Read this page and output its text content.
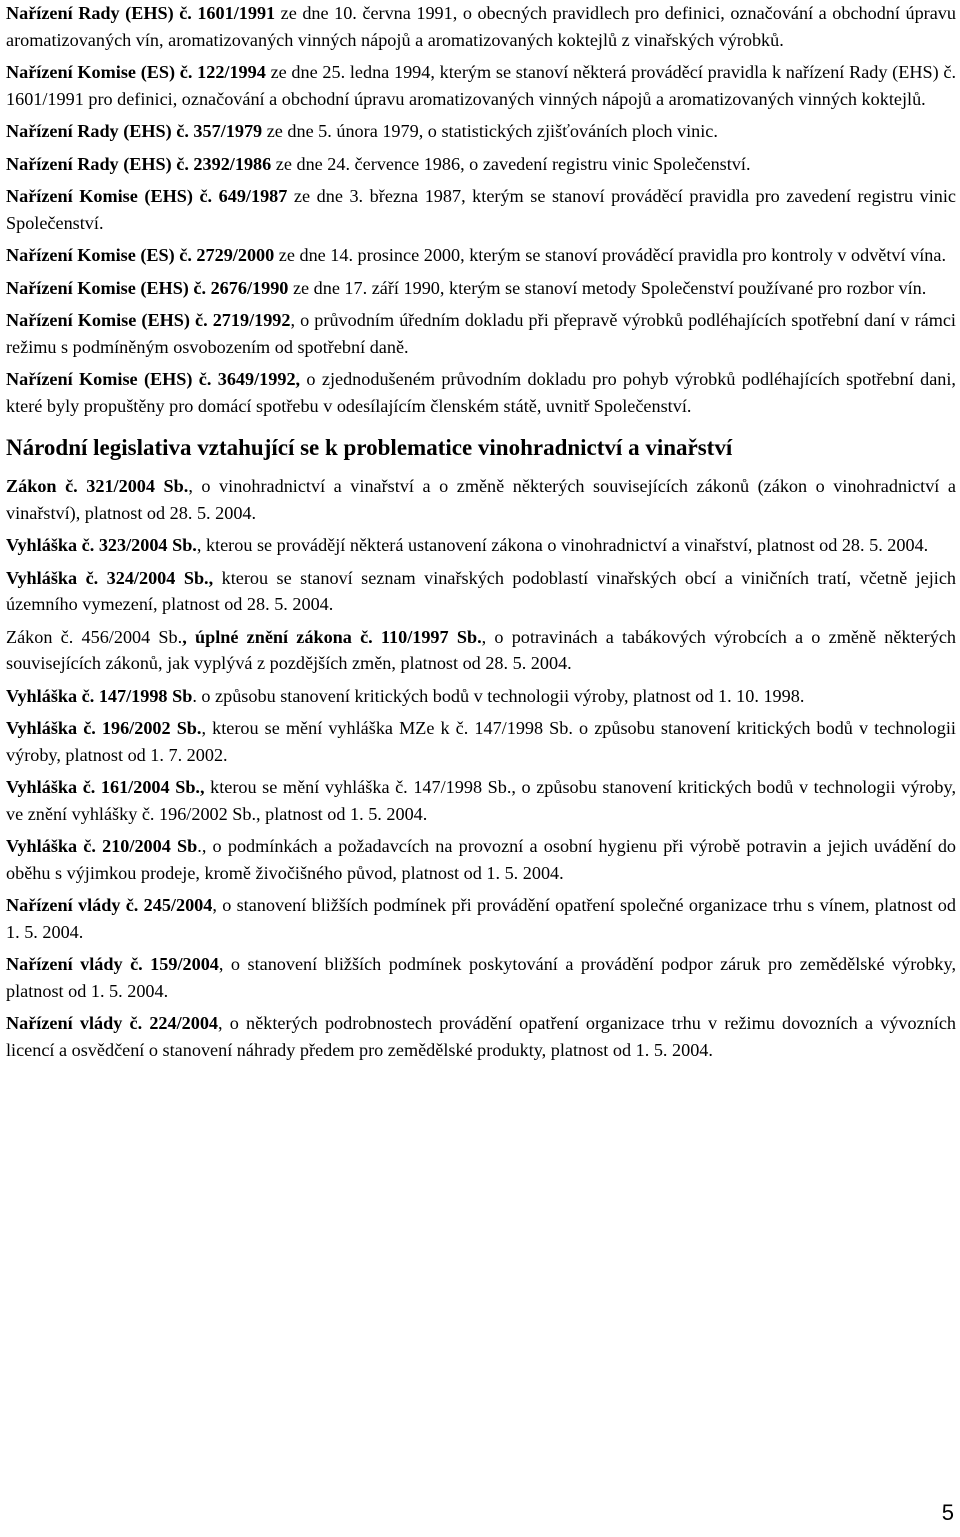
Nařízení Rady (EHS) č. 1601/1991 ze dne 10. června 1991, o obecných pravidlech pro definici, označování a obchodní úpravu aromatizovaných vín, aromatizovaných vinných nápojů a aromatizovaných koktejlů z vinařských výrobků.

Nařízení Komise (ES) č. 122/1994 ze dne 25. ledna 1994, kterým se stanoví některá prováděcí pravidla k nařízení Rady (EHS) č. 1601/1991 pro definici, označování a obchodní úpravu aromatizovaných vinných nápojů a aromatizovaných vinných koktejlů.

Nařízení Rady (EHS) č. 357/1979 ze dne 5. února 1979, o statistických zjišťováních ploch vinic.

Nařízení Rady (EHS) č. 2392/1986 ze dne 24. července 1986, o zavedení registru vinic Společenství.

Nařízení Komise (EHS) č. 649/1987 ze dne 3. března 1987, kterým se stanoví prováděcí pravidla pro zavedení registru vinic Společenství.

Nařízení Komise (ES) č. 2729/2000 ze dne 14. prosince 2000, kterým se stanoví prováděcí pravidla pro kontroly v odvětví vína.

Nařízení Komise (EHS) č. 2676/1990 ze dne 17. září 1990, kterým se stanoví metody Společenství používané pro rozbor vín.

Nařízení Komise (EHS) č. 2719/1992, o průvodním úředním dokladu při přepravě výrobků podléhajících spotřební daní v rámci režimu s podmíněným osvobozením od spotřební daně.

Nařízení Komise (EHS) č. 3649/1992, o zjednodušeném průvodním dokladu pro pohyb výrobků podléhajících spotřební dani, které byly propuštěny pro domácí spotřebu v odesílajícím členském státě, uvnitř Společenství.

Národní legislativa vztahující se k problematice vinohradnictví a vinařství

Zákon č. 321/2004 Sb., o vinohradnictví a vinařství a o změně některých souvisejících zákonů (zákon o vinohradnictví a vinařství), platnost od 28. 5. 2004.

Vyhláška č. 323/2004 Sb., kterou se provádějí některá ustanovení zákona o vinohradnictví a vinařství, platnost od 28. 5. 2004.

Vyhláška č. 324/2004 Sb., kterou se stanoví seznam vinařských podoblastí vinařských obcí a viničních tratí, včetně jejich územního vymezení, platnost od 28. 5. 2004.

Zákon č. 456/2004 Sb., úplné znění zákona č. 110/1997 Sb., o potravinách a tabákových výrobcích a o změně některých souvisejících zákonů, jak vyplývá z pozdějších změn, platnost od 28. 5. 2004.

Vyhláška č. 147/1998 Sb. o způsobu stanovení kritických bodů v technologii výroby, platnost od 1. 10. 1998.

Vyhláška č. 196/2002 Sb., kterou se mění vyhláška MZe k č. 147/1998 Sb. o způsobu stanovení kritických bodů v technologii výroby, platnost od 1. 7. 2002.

Vyhláška č. 161/2004 Sb., kterou se mění vyhláška č. 147/1998 Sb., o způsobu stanovení kritických bodů v technologii výroby, ve znění vyhlášky č. 196/2002 Sb., platnost od 1. 5. 2004.

Vyhláška č. 210/2004 Sb., o podmínkách a požadavcích na provozní a osobní hygienu při výrobě potravin a jejich uvádění do oběhu s výjimkou prodeje, kromě živočišného původ, platnost od 1. 5. 2004.

Nařízení vlády č. 245/2004, o stanovení bližších podmínek při provádění opatření společné organizace trhu s vínem, platnost od 1. 5. 2004.

Nařízení vlády č. 159/2004, o stanovení bližších podmínek poskytování a provádění podpor záruk pro zemědělské výrobky, platnost od 1. 5. 2004.

Nařízení vlády č. 224/2004, o některých podrobnostech provádění opatření organizace trhu v režimu dovozních a vývozních licencí a osvědčení o stanovení náhrady předem pro zemědělské produkty, platnost od 1. 5. 2004.

5
